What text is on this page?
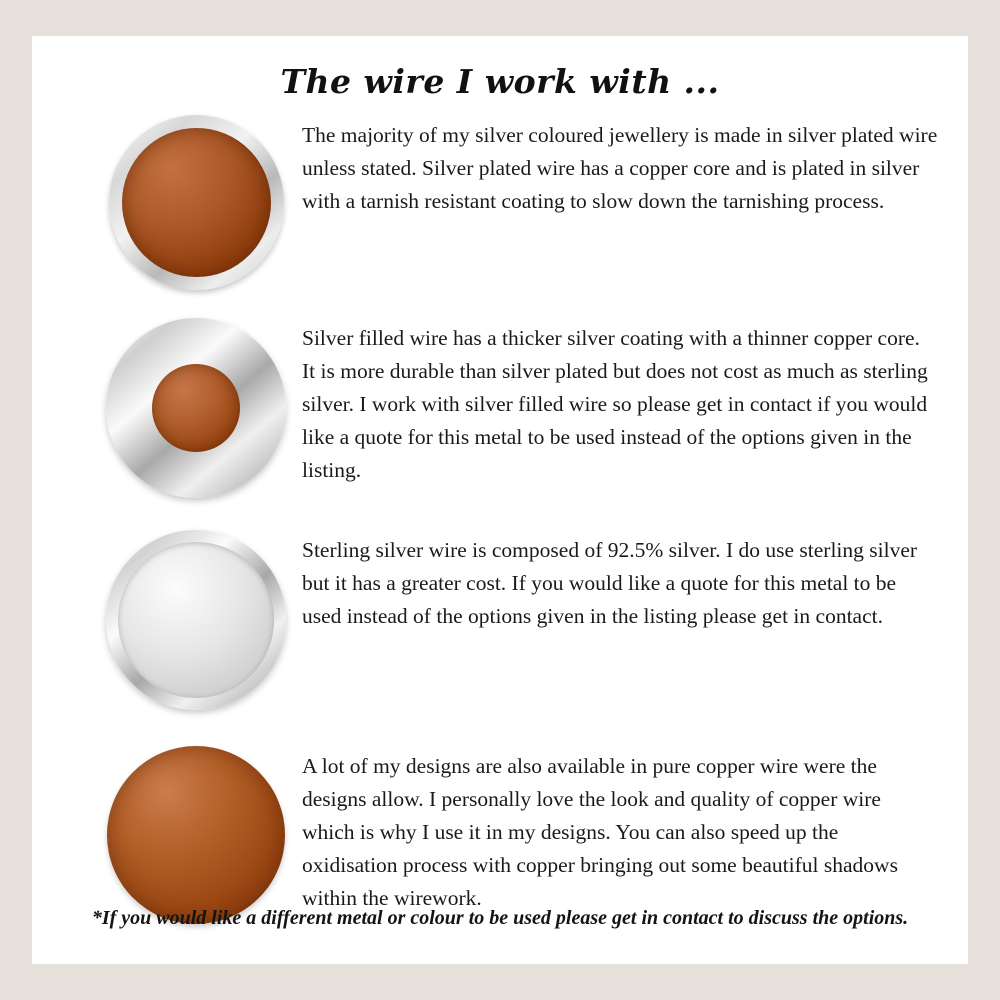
The wire I work with ...

The majority of my silver coloured jewellery is made in silver plated wire unless stated. Silver plated wire has a copper core and is plated in silver with a tarnish resistant coating to slow down the tarnishing process.

Silver filled wire has a thicker silver coating with a thinner copper core. It is more durable than silver plated but does not cost as much as sterling silver. I work with silver filled wire so please get in contact if you would like a quote for this metal to be used instead of the options given in the listing.

Sterling silver wire is composed of 92.5% silver. I do use sterling silver but it has a greater cost. If you would like a quote for this metal to be used instead of the options given in the listing please get in contact.

A lot of my designs are also available in pure copper wire were the designs allow. I personally love the look and quality of copper wire which is why I use it in my designs. You can also speed up the oxidisation process with copper bringing out some beautiful shadows within the wirework.

*If you would like a different metal or colour to be used please get in contact to discuss the options.
